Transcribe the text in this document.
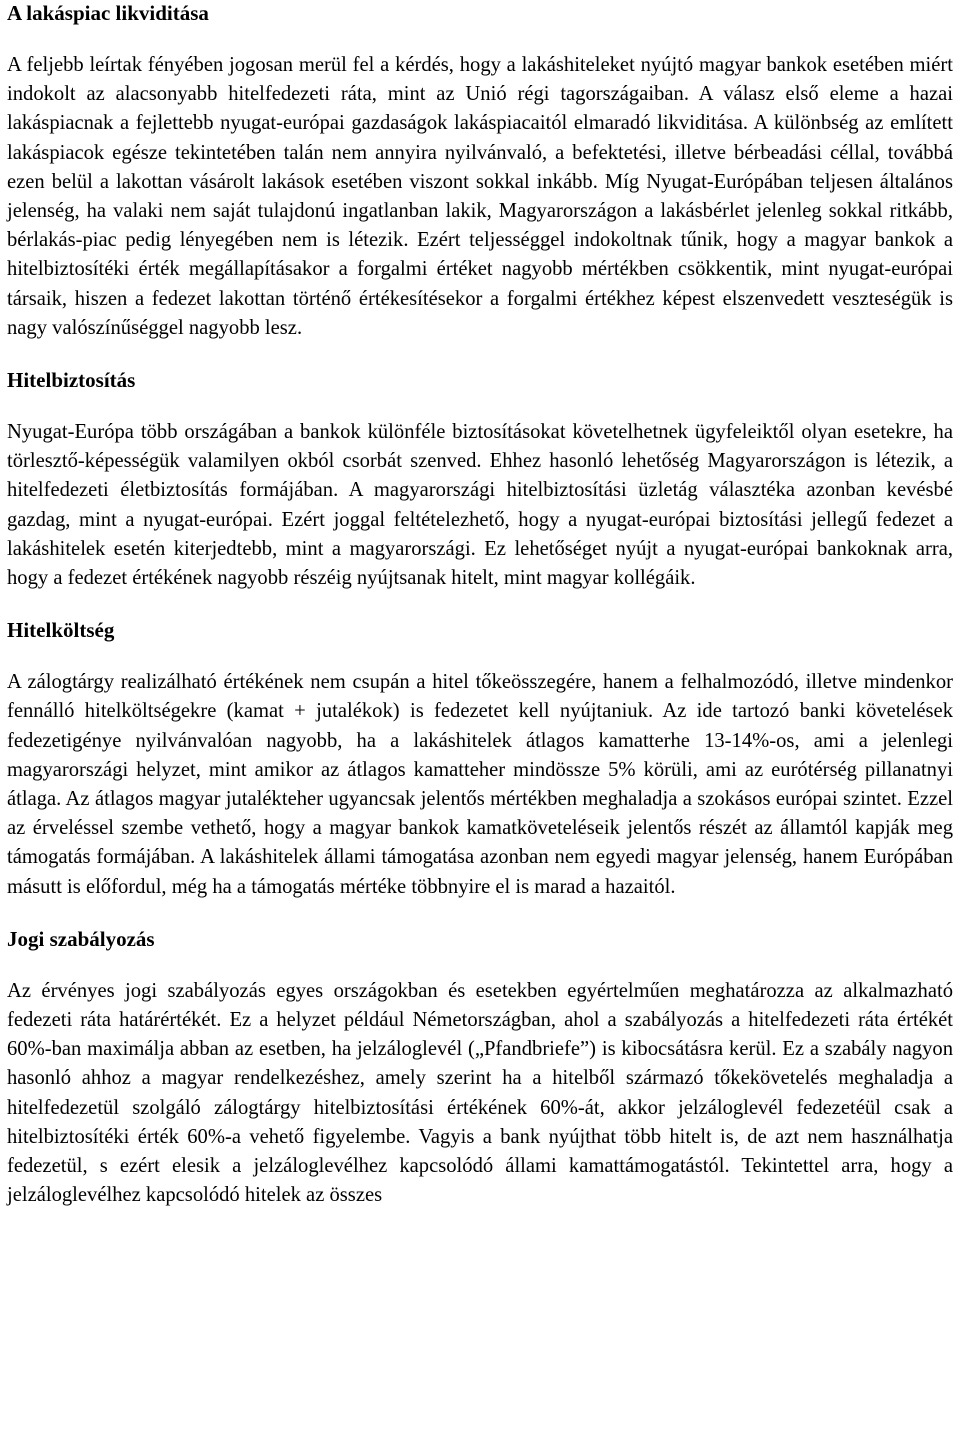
A lakáspiac likviditása

A feljebb leírtak fényében jogosan merül fel a kérdés, hogy a lakáshiteleket nyújtó magyar bankok esetében miért indokolt az alacsonyabb hitelfedezeti ráta, mint az Unió régi tagországaiban. A válasz első eleme a hazai lakáspiacnak a fejlettebb nyugat-európai gazdaságok lakáspiacaitól elmaradó likviditása. A különbség az említett lakáspiacok egésze tekintetében talán nem annyira nyilvánvaló, a befektetési, illetve bérbeadási céllal, továbbá ezen belül a lakottan vásárolt lakások esetében viszont sokkal inkább. Míg Nyugat-Európában teljesen általános jelenség, ha valaki nem saját tulajdonú ingatlanban lakik, Magyarországon a lakásbérlet jelenleg sokkal ritkább, bérlakás-piac pedig lényegében nem is létezik. Ezért teljességgel indokoltnak tűnik, hogy a magyar bankok a hitelbiztosítéki érték megállapításakor a forgalmi értéket nagyobb mértékben csökkentik, mint nyugat-európai társaik, hiszen a fedezet lakottan történő értékesítésekor a forgalmi értékhez képest elszenvedett veszteségük is nagy valószínűséggel nagyobb lesz.

Hitelbiztosítás

Nyugat-Európa több országában a bankok különféle biztosításokat követelhetnek ügyfeleiktől olyan esetekre, ha törlesztő-képességük valamilyen okból csorbát szenved. Ehhez hasonló lehetőség Magyarországon is létezik, a hitelfedezeti életbiztosítás formájában. A magyarországi hitelbiztosítási üzletág választéka azonban kevésbé gazdag, mint a nyugat-európai. Ezért joggal feltételezhető, hogy a nyugat-európai biztosítási jellegű fedezet a lakáshitelek esetén kiterjedtebb, mint a magyarországi. Ez lehetőséget nyújt a nyugat-európai bankoknak arra, hogy a fedezet értékének nagyobb részéig nyújtsanak hitelt, mint magyar kollégáik.

Hitelköltség

A zálogtárgy realizálható értékének nem csupán a hitel tőkeösszegére, hanem a felhalmozódó, illetve mindenkor fennálló hitelköltségekre (kamat + jutalékok) is fedezetet kell nyújtaniuk. Az ide tartozó banki követelések fedezetigénye nyilvánvalóan nagyobb, ha a lakáshitelek átlagos kamatterhe 13-14%-os, ami a jelenlegi magyarországi helyzet, mint amikor az átlagos kamatteher mindössze 5% körüli, ami az eurótérség pillanatnyi átlaga. Az átlagos magyar jutalékteher ugyancsak jelentős mértékben meghaladja a szokásos európai szintet. Ezzel az érveléssel szembe vethető, hogy a magyar bankok kamatköveteléseik jelentős részét az államtól kapják meg támogatás formájában. A lakáshitelek állami támogatása azonban nem egyedi magyar jelenség, hanem Európában másutt is előfordul, még ha a támogatás mértéke többnyire el is marad a hazaitól.

Jogi szabályozás

Az érvényes jogi szabályozás egyes országokban és esetekben egyértelműen meghatározza az alkalmazható fedezeti ráta határértékét. Ez a helyzet például Németországban, ahol a szabályozás a hitelfedezeti ráta értékét 60%-ban maximálja abban az esetben, ha jelzáloglevél („Pfandbriefe”) is kibocsátásra kerül. Ez a szabály nagyon hasonló ahhoz a magyar rendelkezéshez, amely szerint ha a hitelből származó tőkekövetelés meghaladja a hitelfedezetül szolgáló zálogtárgy hitelbiztosítási értékének 60%-át, akkor jelzáloglevél fedezetéül csak a hitelbiztosítéki érték 60%-a vehető figyelembe. Vagyis a bank nyújthat több hitelt is, de azt nem használhatja fedezetül, s ezért elesik a jelzáloglevélhez kapcsolódó állami kamattámogatástól. Tekintettel arra, hogy a jelzáloglevélhez kapcsolódó hitelek az összes
